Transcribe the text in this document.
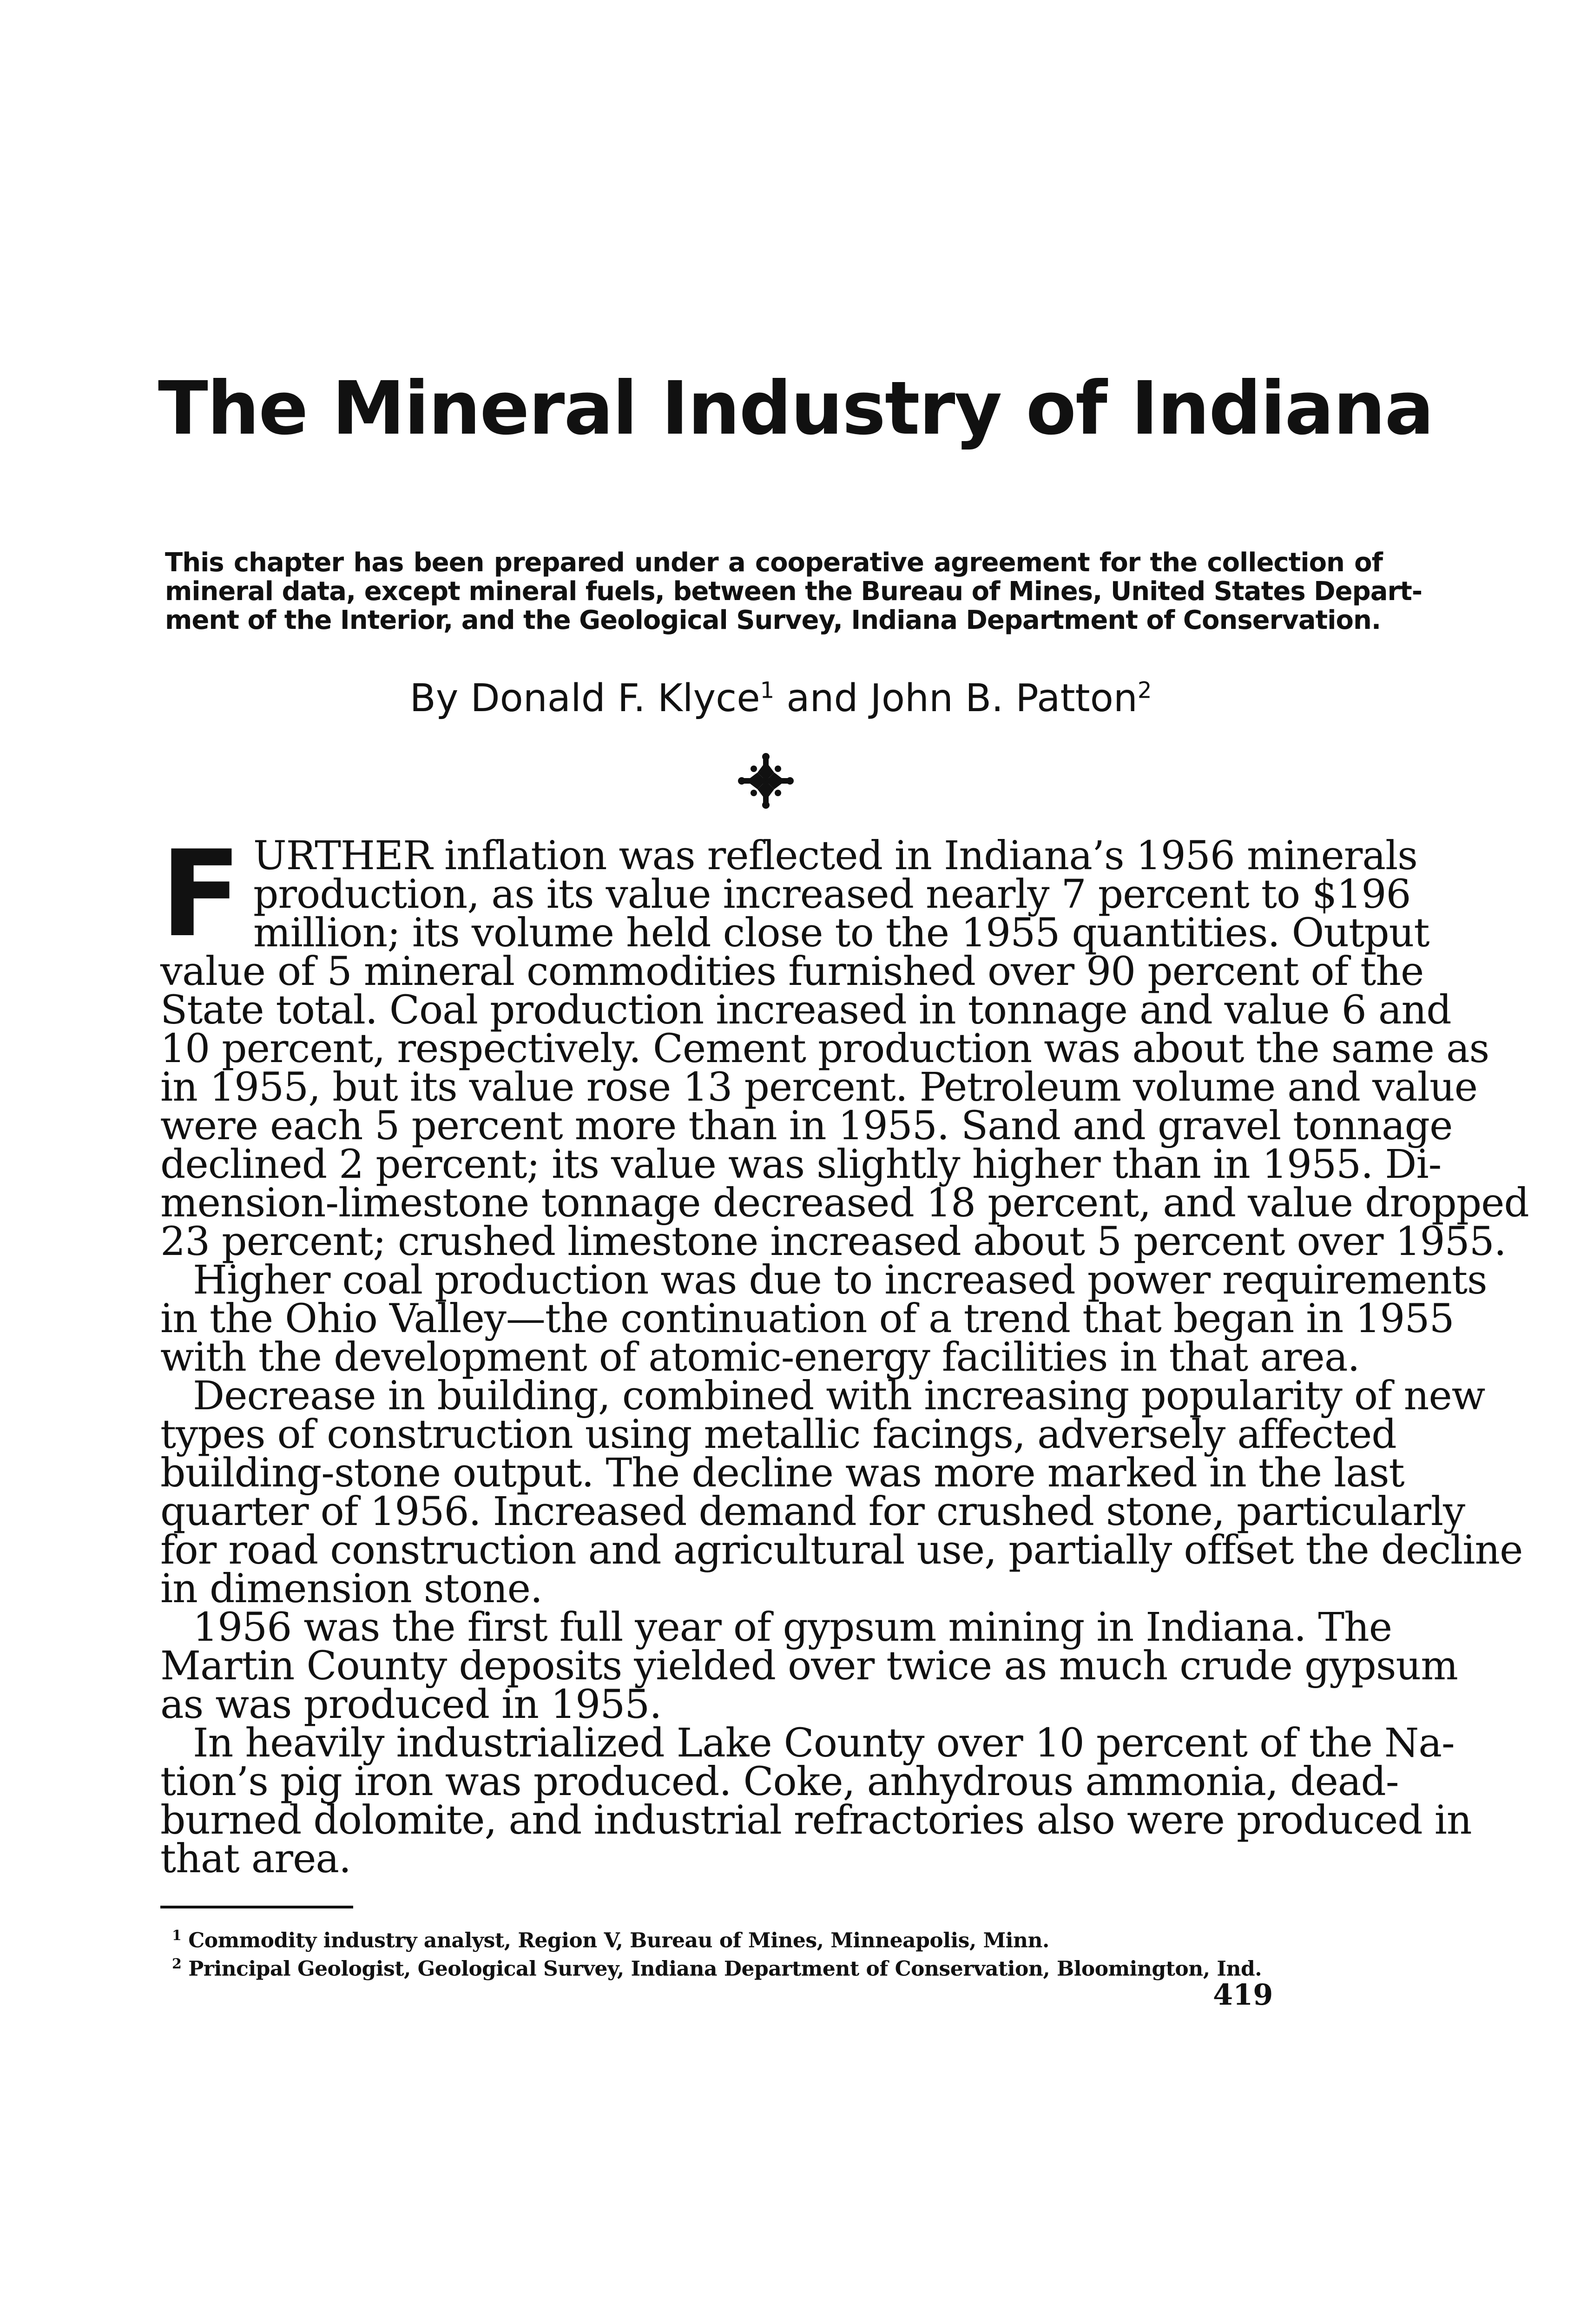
The Mineral Industry of Indiana
This chapter has been prepared under a cooperative agreement for the collection of
mineral data, except mineral fuels, between the Bureau of Mines, United States Depart-
ment of the Interior, and the Geological Survey, Indiana Department of Conservation.
By Donald F. Klyce$^1$ and John B. Patton$^2$
F URTHER inflation was reflected in Indiana’s 1956 minerals
production, as its value increased nearly 7 percent to $196
million; its volume held close to the 1955 quantities. Output
value of 5 mineral commodities furnished over 90 percent of the
State total. Coal production increased in tonnage and value 6 and
10 percent, respectively. Cement production was about the same as
in 1955, but its value rose 13 percent. Petroleum volume and value
were each 5 percent more than in 1955. Sand and gravel tonnage
declined 2 percent; its value was slightly higher than in 1955. Di-
mension-limestone tonnage decreased 18 percent, and value dropped
23 percent; crushed limestone increased about 5 percent over 1955.
Higher coal production was due to increased power requirements
in the Ohio Valley—the continuation of a trend that began in 1955
with the development of atomic-energy facilities in that area.
Decrease in building, combined with increasing popularity of new
types of construction using metallic facings, adversely affected
building-stone output. The decline was more marked in the last
quarter of 1956. Increased demand for crushed stone, particularly
for road construction and agricultural use, partially offset the decline
in dimension stone.
1956 was the first full year of gypsum mining in Indiana. The
Martin County deposits yielded over twice as much crude gypsum
as was produced in 1955.
In heavily industrialized Lake County over 10 percent of the Na-
tion’s pig iron was produced. Coke, anhydrous ammonia, dead-
burned dolomite, and industrial refractories also were produced in
that area.
$^1$ Commodity industry analyst, Region V, Bureau of Mines, Minneapolis, Minn.
$^2$ Principal Geologist, Geological Survey, Indiana Department of Conservation, Bloomington, Ind.
419
